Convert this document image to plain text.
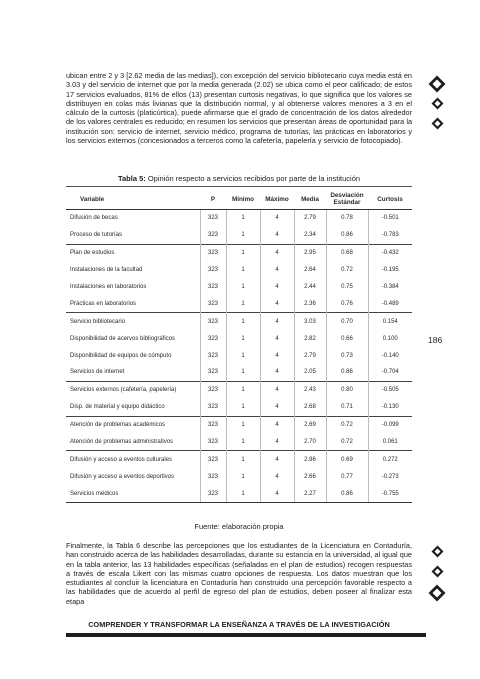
ubican entre 2 y 3 [2.62 media de las medias]), con excepción del servicio bibliotecario cuya media está en 3.03 y del servicio de internet que por la media generada (2.02) se ubica como el peor calificado; de estos 17 servicios evaluados, 81% de ellos (13) presentan curtosis negativas, lo que significa que los valores se distribuyen en colas más livianas que la distribución normal, y al obtenerse valores menores a 3 en el cálculo de la curtosis (platicúrtica), puede afirmarse que el grado de concentración de los datos alrededor de los valores centrales es reducido; en resumen los servicios que presentan áreas de oportunidad para la institución son: servicio de internet, servicio médico, programa de tutorías, las prácticas en laboratorios y los servicios externos (concesionados a terceros como la cafetería, papelería y servicio de fotocopiado).

Tabla 5: Opinión respecto a servicios recibidos por parte de la institución
Variable	P	Mínimo	Máximo	Media	Desviación Estándar	Curtosis
Difusión de becas	323	1	4	2.79	0.78	-0.501
Proceso de tutorías	323	1	4	2.34	0.86	-0.783
Plan de estudios	323	1	4	2.95	0.68	-0.432
Instalaciones de la facultad	323	1	4	2.64	0.72	-0.195
Instalaciones en laboratorios	323	1	4	2.44	0.75	-0.384
Prácticas en laboratorios	323	1	4	2.36	0.76	-0.489
Servicio bibliotecario	323	1	4	3.03	0.70	0.154
Disponibilidad de acervos bibliográficos	323	1	4	2.82	0.66	0.100
Disponibilidad de equipos de cómputo	323	1	4	2.79	0.73	-0.140
Servicios de internet	323	1	4	2.05	0.86	-0.704
Servicios externos (cafetería, papelería)	323	1	4	2.43	0.80	-0.505
Disp. de material y equipo didáctico	323	1	4	2.68	0.71	-0.130
Atención de problemas académicos	323	1	4	2.69	0.72	-0.099
Atención de problemas administrativos	323	1	4	2.70	0.72	0.061
Difusión y acceso a eventos culturales	323	1	4	2.86	0.69	0.272
Difusión y acceso a eventos deportivos	323	1	4	2.66	0.77	-0.273
Servicios médicos	323	1	4	2.27	0.86	-0.755
Fuente: elaboración propia
186

Finalmente, la Tabla 6 describe las percepciones que los estudiantes de la Licenciatura en Contaduría, han construido acerca de las habilidades desarrolladas, durante su estancia en la universidad, al igual que en la tabla anterior, las 13 habilidades específicas (señaladas en el plan de estudios) recogen respuestas a través de escala Likert con las mismas cuatro opciones de respuesta. Los datos muestran que los estudiantes al concluir la licenciatura en Contaduría han construido una percepción favorable respecto a las habilidades que de acuerdo al perfil de egreso del plan de estudios, deben poseer al finalizar esta etapa

COMPRENDER Y TRANSFORMAR LA ENSEÑANZA A TRAVÉS DE LA INVESTIGACIÓN
